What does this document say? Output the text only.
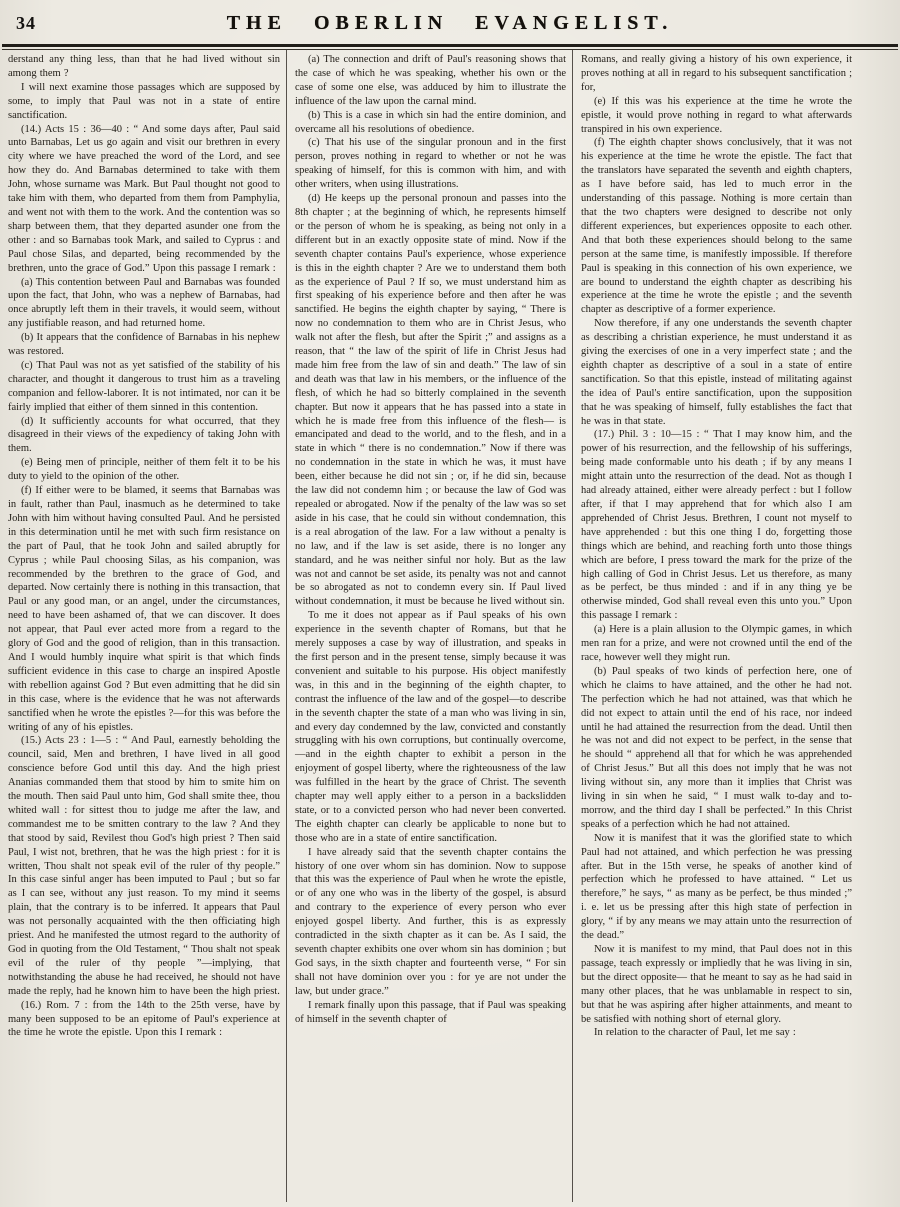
34	THE OBERLIN EVANGELIST.

derstand any thing less, than that he had lived without sin among them ?

I will next examine those passages which are supposed by some, to imply that Paul was not in a state of entire sanctification.

(14.) Acts 15 : 36—40 : “ And some days after, Paul said unto Barnabas, Let us go again and visit our brethren in every city where we have preached the word of the Lord, and see how they do. And Barnabas determined to take with them John, whose surname was Mark. But Paul thought not good to take him with them, who departed from them from Pamphylia, and went not with them to the work. And the contention was so sharp between them, that they departed asunder one from the other : and so Barnabas took Mark, and sailed to Cyprus : and Paul chose Silas, and departed, being recommended by the brethren, unto the grace of God.” Upon this passage I remark :

(a) This contention between Paul and Barnabas was founded upon the fact, that John, who was a nephew of Barnabas, had once abruptly left them in their travels, it would seem, without any justifiable reason, and had returned home.

(b) It appears that the confidence of Barnabas in his nephew was restored.

(c) That Paul was not as yet satisfied of the stability of his character, and thought it dangerous to trust him as a traveling companion and fellow-laborer. It is not intimated, nor can it be fairly implied that either of them sinned in this contention.

(d) It sufficiently accounts for what occurred, that they disagreed in their views of the expediency of taking John with them.

(e) Being men of principle, neither of them felt it to be his duty to yield to the opinion of the other.

(f) If either were to be blamed, it seems that Barnabas was in fault, rather than Paul, inasmuch as he determined to take John with him without having consulted Paul. And he persisted in this determination until he met with such firm resistance on the part of Paul, that he took John and sailed abruptly for Cyprus ; while Paul choosing Silas, as his companion, was recommended by the brethren to the grace of God, and departed. Now certainly there is nothing in this transaction, that Paul or any good man, or an angel, under the circumstances, need to have been ashamed of, that we can discover. It does not appear, that Paul ever acted more from a regard to the glory of God and the good of religion, than in this transaction. And I would humbly inquire what spirit is that which finds sufficient evidence in this case to charge an inspired Apostle with rebellion against God ? But even admitting that he did sin in this case, where is the evidence that he was not afterwards sanctified when he wrote the epistles ?—for this was before the writing of any of his epistles.

(15.) Acts 23 : 1—5 : “ And Paul, earnestly beholding the council, said, Men and brethren, I have lived in all good conscience before God until this day. And the high priest Ananias commanded them that stood by him to smite him on the mouth. Then said Paul unto him, God shall smite thee, thou whited wall : for sittest thou to judge me after the law, and commandest me to be smitten contrary to the law ? And they that stood by said, Revilest thou God's high priest ? Then said Paul, I wist not, brethren, that he was the high priest : for it is written, Thou shalt not speak evil of the ruler of thy people.” In this case sinful anger has been imputed to Paul ; but so far as I can see, without any just reason. To my mind it seems plain, that the contrary is to be inferred. It appears that Paul was not personally acquainted with the then officiating high priest. And he manifested the utmost regard to the authority of God in quoting from the Old Testament, “ Thou shalt not speak evil of the ruler of thy people ”—implying, that notwithstanding the abuse he had received, he should not have made the reply, had he known him to have been the high priest.

(16.) Rom. 7 : from the 14th to the 25th verse, have by many been supposed to be an epitome of Paul's experience at the time he wrote the epistle. Upon this I remark :

(a) The connection and drift of Paul's reasoning shows that the case of which he was speaking, whether his own or the case of some one else, was adduced by him to illustrate the influence of the law upon the carnal mind.

(b) This is a case in which sin had the entire dominion, and overcame all his resolutions of obedience.

(c) That his use of the singular pronoun and in the first person, proves nothing in regard to whether or not he was speaking of himself, for this is common with him, and with other writers, when using illustrations.

(d) He keeps up the personal pronoun and passes into the 8th chapter ; at the beginning of which, he represents himself or the person of whom he is speaking, as being not only in a different but in an exactly opposite state of mind. Now if the seventh chapter contains Paul's experience, whose experience is this in the eighth chapter ? Are we to understand them both as the experience of Paul ? If so, we must understand him as first speaking of his experience before and then after he was sanctified. He begins the eighth chapter by saying, “ There is now no condemnation to them who are in Christ Jesus, who walk not after the flesh, but after the Spirit ;” and assigns as a reason, that “ the law of the spirit of life in Christ Jesus had made him free from the law of sin and death.” The law of sin and death was that law in his members, or the influence of the flesh, of which he had so bitterly complained in the seventh chapter. But now it appears that he has passed into a state in which he is made free from this influence of the flesh— is emancipated and dead to the world, and to the flesh, and in a state in which “ there is no condemnation.” Now if there was no condemnation in the state in which he was, it must have been, either because he did not sin ; or, if he did sin, because the law did not condemn him ; or because the law of God was repealed or abrogated. Now if the penalty of the law was so set aside in his case, that he could sin without condemnation, this is a real abrogation of the law. For a law without a penalty is no law, and if the law is set aside, there is no longer any standard, and he was neither sinful nor holy. But as the law was not and cannot be set aside, its penalty was not and cannot be so abrogated as not to condemn every sin. If Paul lived without condemnation, it must be because he lived without sin.

To me it does not appear as if Paul speaks of his own experience in the seventh chapter of Romans, but that he merely supposes a case by way of illustration, and speaks in the first person and in the present tense, simply because it was convenient and suitable to his purpose. His object manifestly was, in this and in the beginning of the eighth chapter, to contrast the influence of the law and of the gospel—to describe in the seventh chapter the state of a man who was living in sin, and every day condemned by the law, convicted and constantly struggling with his own corruptions, but continually overcome,—and in the eighth chapter to exhibit a person in the enjoyment of gospel liberty, where the righteousness of the law was fulfilled in the heart by the grace of Christ. The seventh chapter may well apply either to a person in a backslidden state, or to a convicted person who had never been converted. The eighth chapter can clearly be applicable to none but to those who are in a state of entire sanctification.

I have already said that the seventh chapter contains the history of one over whom sin has dominion. Now to suppose that this was the experience of Paul when he wrote the epistle, or of any one who was in the liberty of the gospel, is absurd and contrary to the experience of every person who ever enjoyed gospel liberty. And further, this is as expressly contradicted in the sixth chapter as it can be. As I said, the seventh chapter exhibits one over whom sin has dominion ; but God says, in the sixth chapter and fourteenth verse, “ For sin shall not have dominion over you : for ye are not under the law, but under grace.”

I remark finally upon this passage, that if Paul was speaking of himself in the seventh chapter of

Romans, and really giving a history of his own experience, it proves nothing at all in regard to his subsequent sanctification ; for,

(e) If this was his experience at the time he wrote the epistle, it would prove nothing in regard to what afterwards transpired in his own experience.

(f) The eighth chapter shows conclusively, that it was not his experience at the time he wrote the epistle. The fact that the translators have separated the seventh and eighth chapters, as I have before said, has led to much error in the understanding of this passage. Nothing is more certain than that the two chapters were designed to describe not only different experiences, but experiences opposite to each other. And that both these experiences should belong to the same person at the same time, is manifestly impossible. If therefore Paul is speaking in this connection of his own experience, we are bound to understand the eighth chapter as describing his experience at the time he wrote the epistle ; and the seventh chapter as descriptive of a former experience.

Now therefore, if any one understands the seventh chapter as describing a christian experience, he must understand it as giving the exercises of one in a very imperfect state ; and the eighth chapter as descriptive of a soul in a state of entire sanctification. So that this epistle, instead of militating against the idea of Paul's entire sanctification, upon the supposition that he was speaking of himself, fully establishes the fact that he was in that state.

(17.) Phil. 3 : 10—15 : “ That I may know him, and the power of his resurrection, and the fellowship of his sufferings, being made conformable unto his death ; if by any means I might attain unto the resurrection of the dead. Not as though I had already attained, either were already perfect : but I follow after, if that I may apprehend that for which also I am apprehended of Christ Jesus. Brethren, I count not myself to have apprehended : but this one thing I do, forgetting those things which are behind, and reaching forth unto those things which are before, I press toward the mark for the prize of the high calling of God in Christ Jesus. Let us therefore, as many as be perfect, be thus minded : and if in any thing ye be otherwise minded, God shall reveal even this unto you.” Upon this passage I remark :

(a) Here is a plain allusion to the Olympic games, in which men ran for a prize, and were not crowned until the end of the race, however well they might run.

(b) Paul speaks of two kinds of perfection here, one of which he claims to have attained, and the other he had not. The perfection which he had not attained, was that which he did not expect to attain until the end of his race, nor indeed until he had attained the resurrection from the dead. Until then he was not and did not expect to be perfect, in the sense that he should “ apprehend all that for which he was apprehended of Christ Jesus.” But all this does not imply that he was not living without sin, any more than it implies that Christ was living in sin when he said, “ I must walk to-day and to-morrow, and the third day I shall be perfected.” In this Christ speaks of a perfection which he had not attained.

Now it is manifest that it was the glorified state to which Paul had not attained, and which perfection he was pressing after. But in the 15th verse, he speaks of another kind of perfection which he professed to have attained. “ Let us therefore,” he says, “ as many as be perfect, be thus minded ;” i. e. let us be pressing after this high state of perfection in glory, “ if by any means we may attain unto the resurrection of the dead.”

Now it is manifest to my mind, that Paul does not in this passage, teach expressly or impliedly that he was living in sin, but the direct opposite— that he meant to say as he had said in many other places, that he was unblamable in respect to sin, but that he was aspiring after higher attainments, and meant to be satisfied with nothing short of eternal glory.

In relation to the character of Paul, let me say :
